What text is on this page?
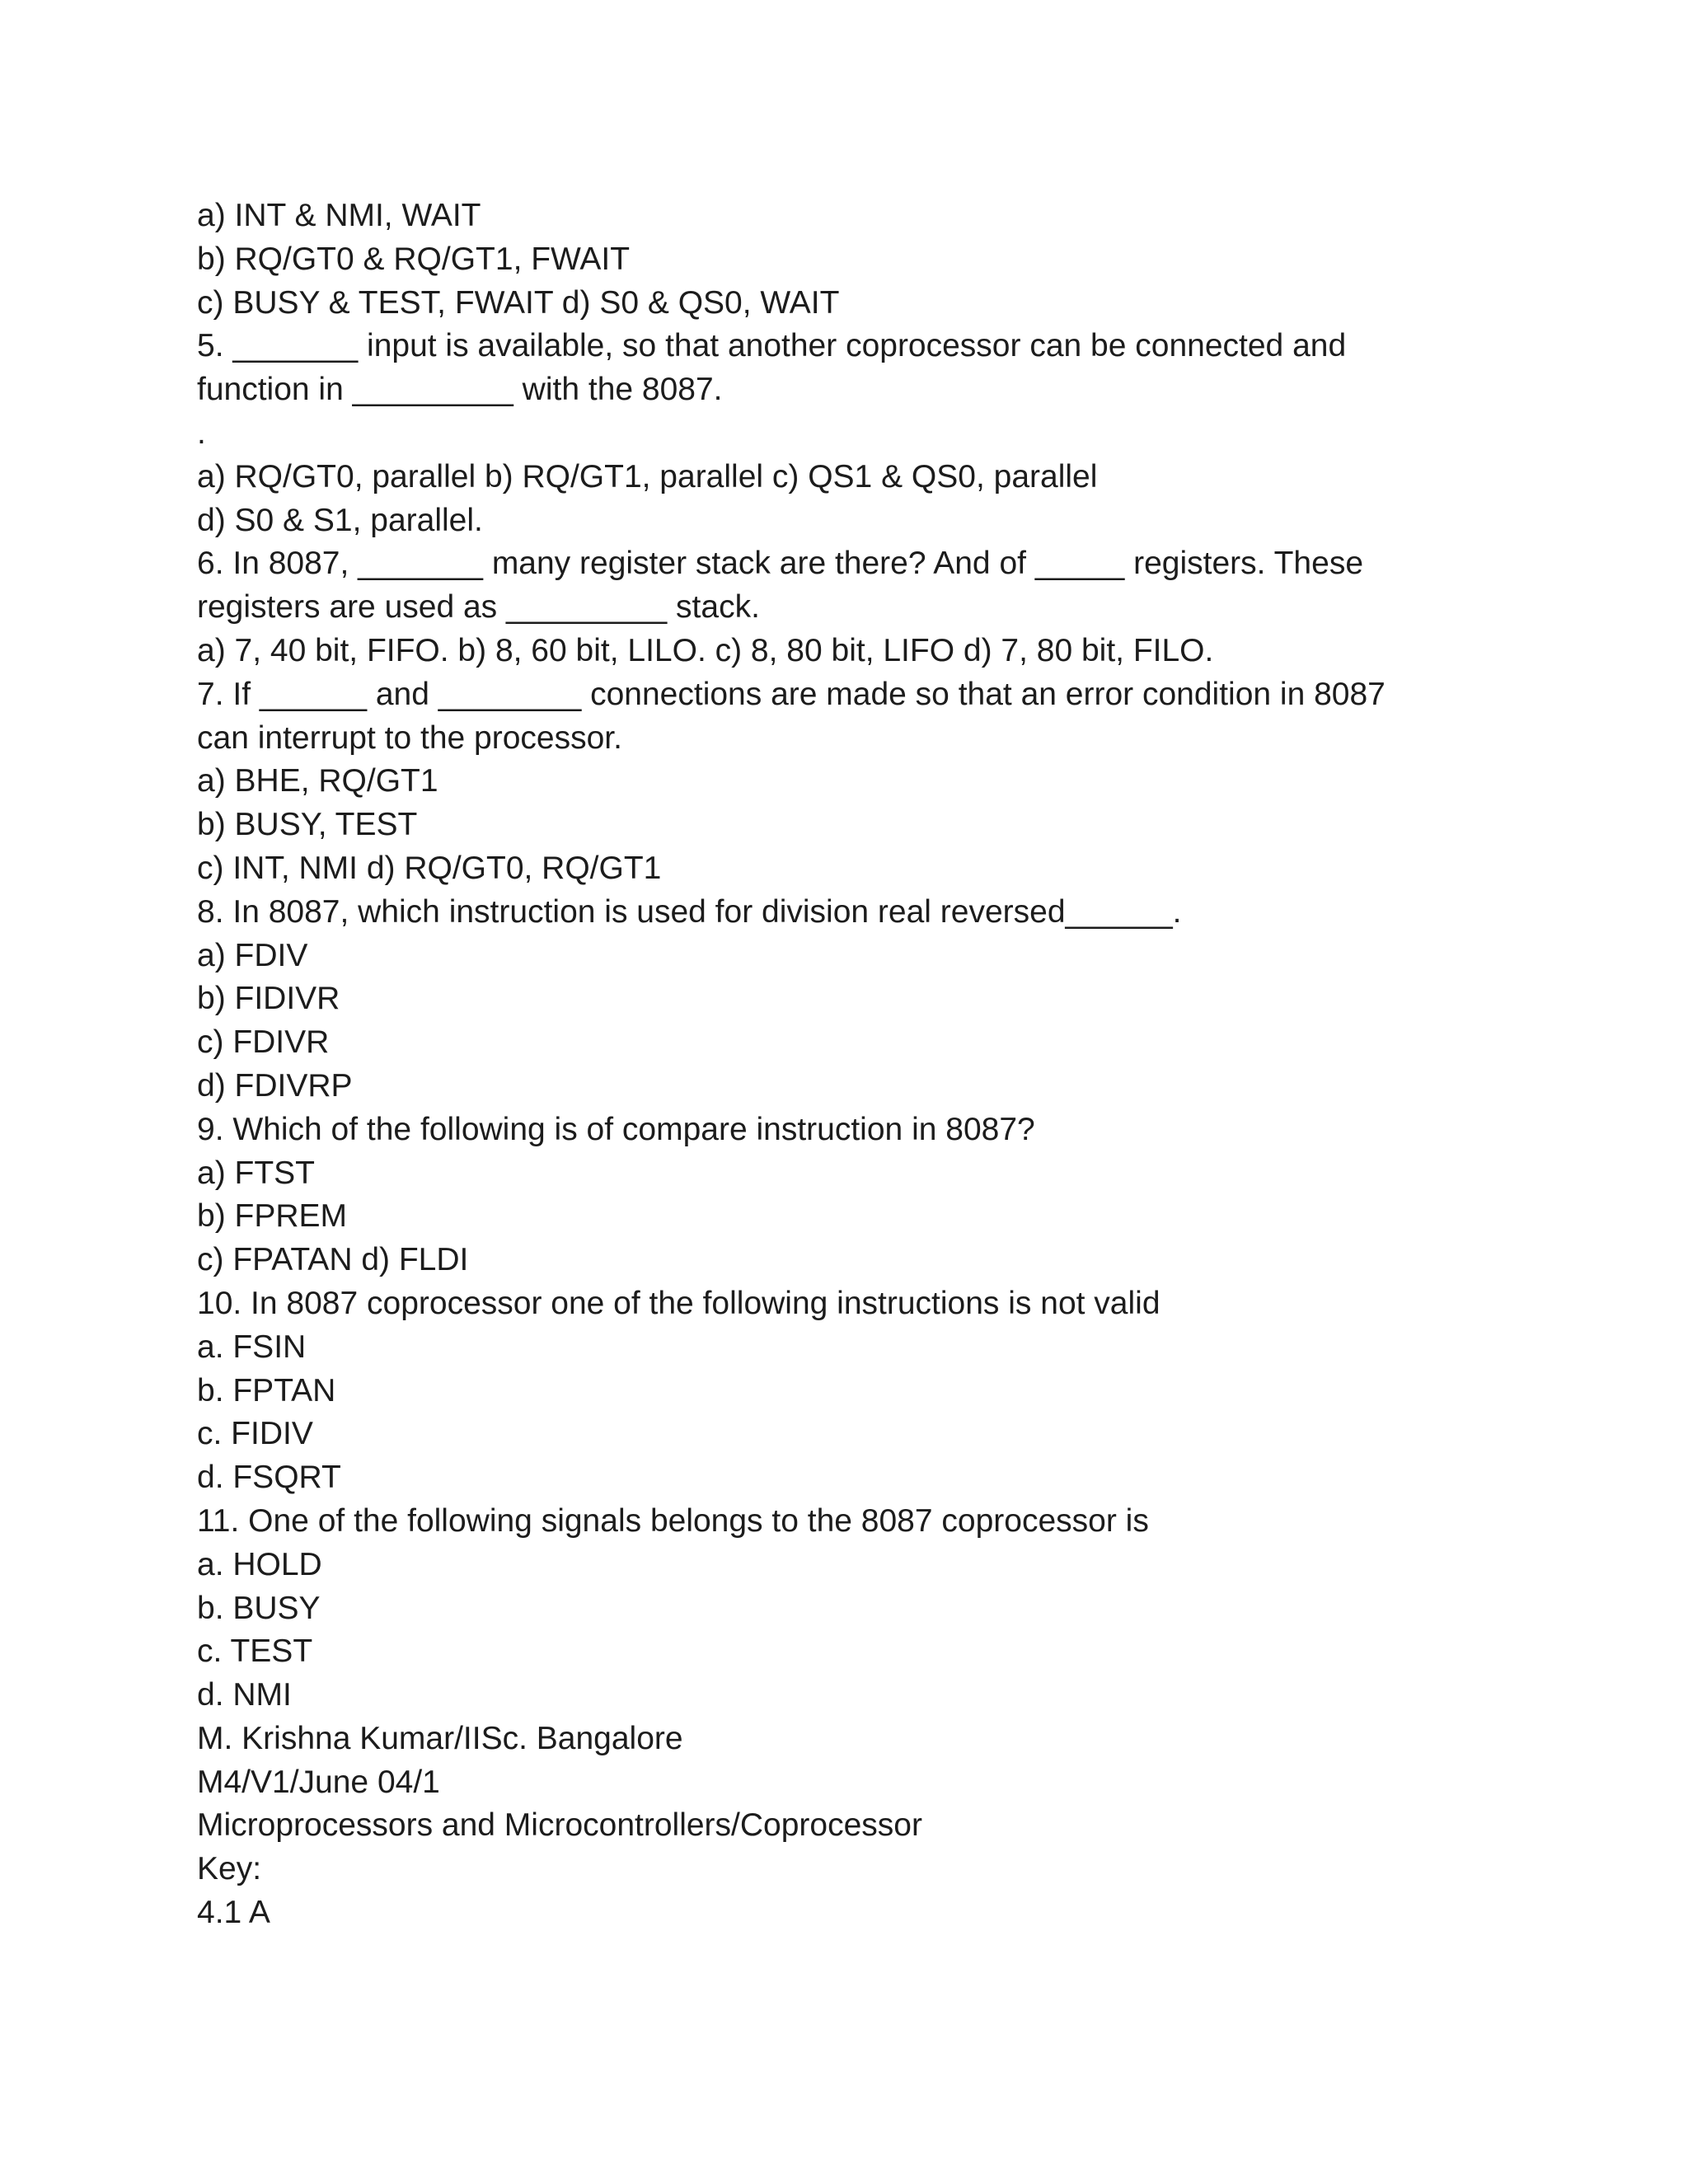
a) INT & NMI, WAIT
b) RQ/GT0 & RQ/GT1, FWAIT
c) BUSY & TEST, FWAIT d) S0 & QS0, WAIT
5. _______ input is available, so that another coprocessor can be connected and
function in _________ with the 8087.
.
a) RQ/GT0, parallel b) RQ/GT1, parallel c) QS1 & QS0, parallel
d) S0 & S1, parallel.
6. In 8087, _______ many register stack are there? And of _____ registers. These
registers are used as _________ stack.
a) 7, 40 bit, FIFO. b) 8, 60 bit, LILO. c) 8, 80 bit, LIFO d) 7, 80 bit, FILO.
7. If ______ and ________ connections are made so that an error condition in 8087
can interrupt to the processor.
a) BHE, RQ/GT1
b) BUSY, TEST
c) INT, NMI d) RQ/GT0, RQ/GT1
8. In 8087, which instruction is used for division real reversed______.
a) FDIV
b) FIDIVR
c) FDIVR
d) FDIVRP
9. Which of the following is of compare instruction in 8087?
a) FTST
b) FPREM
c) FPATAN d) FLDI
10. In 8087 coprocessor one of the following instructions is not valid
a. FSIN
b. FPTAN
c. FIDIV
d. FSQRT
11. One of the following signals belongs to the 8087 coprocessor is
a. HOLD
b. BUSY
c. TEST
d. NMI
M. Krishna Kumar/IISc. Bangalore
M4/V1/June 04/1
Microprocessors and Microcontrollers/Coprocessor
Key:
4.1 A
